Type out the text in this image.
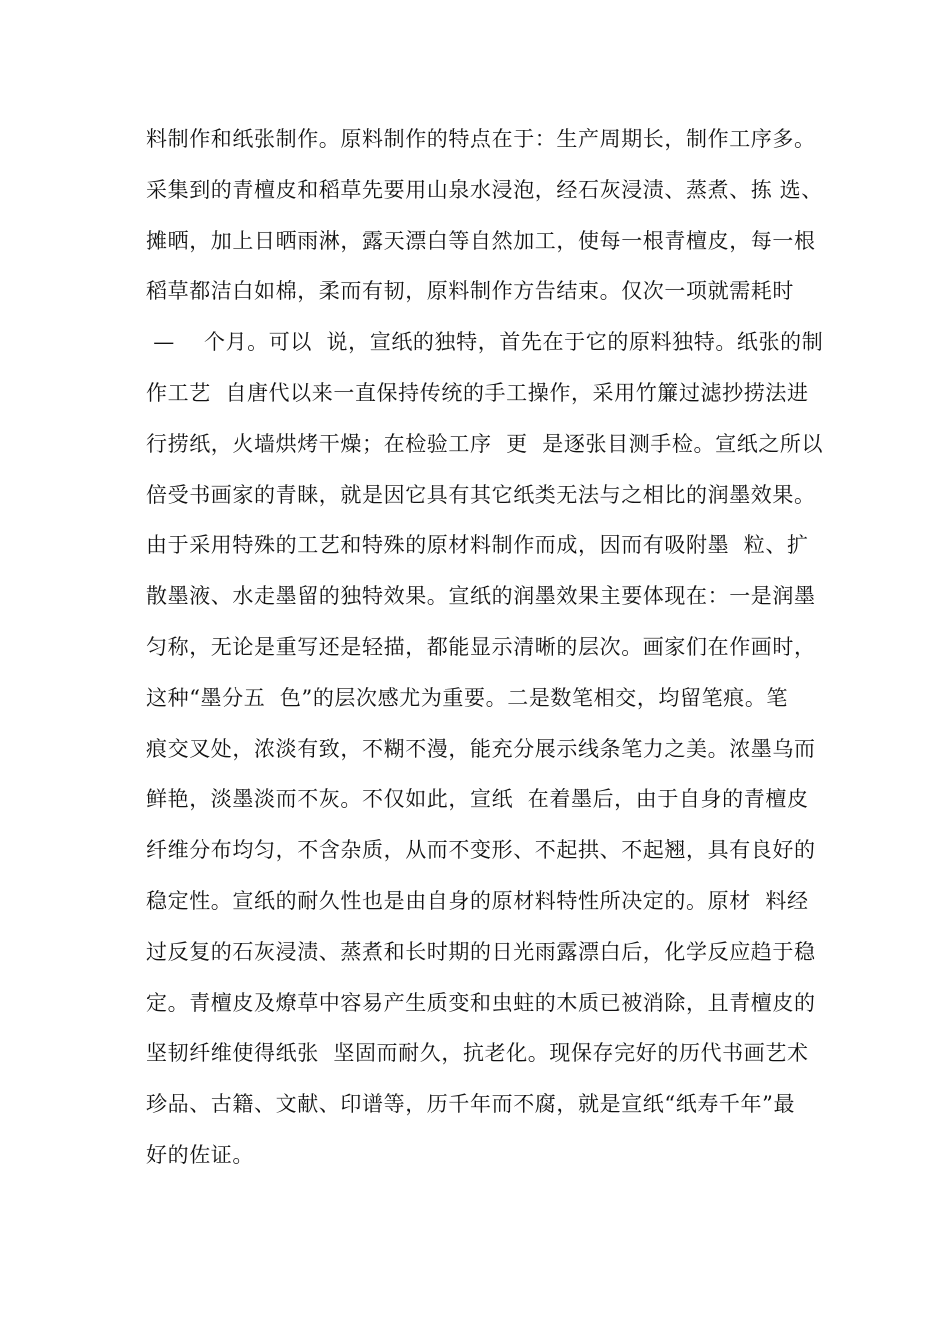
料制作和纸张制作。原料制作的特点在于：生产周期长，制作工序多。
采集到的青檀皮和稻草先要用山泉水浸泡，经石灰浸渍、蒸煮、拣 选、
摊晒，加上日晒雨淋，露天漂白等自然加工，使每一根青檀皮，每一根
稻草都洁白如棉，柔而有韧，原料制作方告结束。仅次一项就需耗时
—    个月。可以  说，宣纸的独特，首先在于它的原料独特。纸张的制
作工艺  自唐代以来一直保持传统的手工操作，采用竹簾过滤抄捞法进
行捞纸，火墙烘烤干燥；在检验工序  更  是逐张目测手检。宣纸之所以
倍受书画家的青睐，就是因它具有其它纸类无法与之相比的润墨效果。
由于采用特殊的工艺和特殊的原材料制作而成，因而有吸附墨  粒、扩
散墨液、水走墨留的独特效果。宣纸的润墨效果主要体现在：一是润墨
匀称，无论是重写还是轻描，都能显示清晰的层次。画家们在作画时，
这种“墨分五  色”的层次感尤为重要。二是数笔相交，均留笔痕。笔
痕交叉处，浓淡有致，不糊不漫，能充分展示线条笔力之美。浓墨乌而
鲜艳，淡墨淡而不灰。不仅如此，宣纸  在着墨后，由于自身的青檀皮
纤维分布均匀，不含杂质，从而不变形、不起拱、不起翘，具有良好的
稳定性。宣纸的耐久性也是由自身的原材料特性所决定的。原材  料经
过反复的石灰浸渍、蒸煮和长时期的日光雨露漂白后，化学反应趋于稳
定。青檀皮及燎草中容易产生质变和虫蛀的木质已被消除，且青檀皮的
坚韧纤维使得纸张  坚固而耐久，抗老化。现保存完好的历代书画艺术
珍品、古籍、文献、印谱等，历千年而不腐，就是宣纸“纸寿千年”最
好的佐证。
